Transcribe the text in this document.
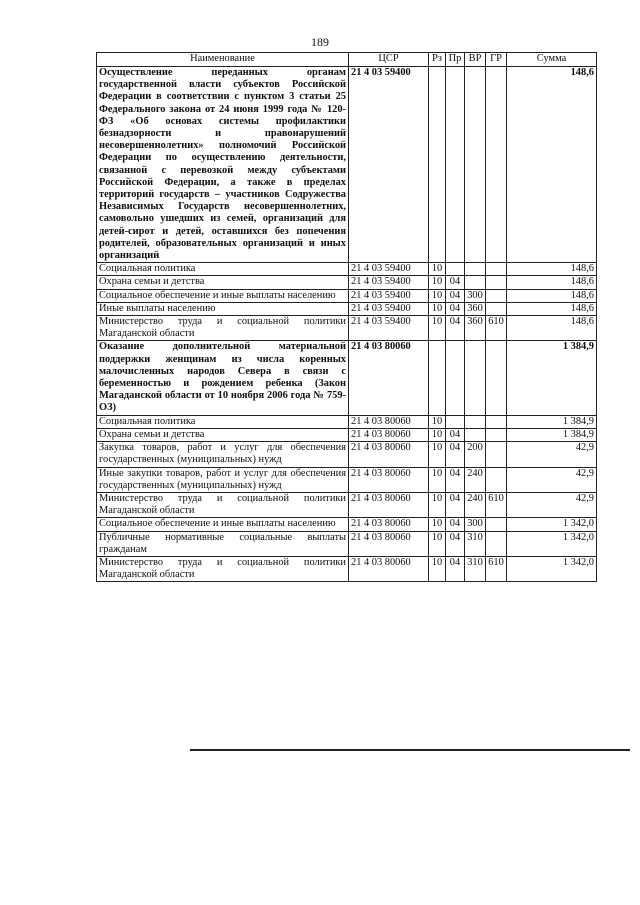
189
Наименование	ЦСР	Рз	Пр	ВР	ГР	Сумма
Осуществление переданных органам государственной власти субъектов Российской Федерации в соответствии с пунктом 3 статьи 25 Федерального закона от 24 июня 1999 года № 120-ФЗ «Об основах системы профилактики безнадзорности и правонарушений несовершеннолетних» полномочий Российской Федерации по осуществлению деятельности, связанной с перевозкой между субъектами Российской Федерации, а также в пределах территорий государств – участников Содружества Независимых Государств несовершеннолетних, самовольно ушедших из семей, организаций для детей-сирот и детей, оставшихся без попечения родителей, образовательных организаций и иных организаций	21 4 03 59400					148,6
Социальная политика	21 4 03 59400	10				148,6
Охрана семьи и детства	21 4 03 59400	10	04			148,6
Социальное обеспечение и иные выплаты населению	21 4 03 59400	10	04	300		148,6
Иные выплаты населению	21 4 03 59400	10	04	360		148,6
Министерство труда и социальной политики Магаданской области	21 4 03 59400	10	04	360	610	148,6
Оказание дополнительной материальной поддержки женщинам из числа коренных малочисленных народов Севера в связи с беременностью и рождением ребенка (Закон Магаданской области от 10 ноября 2006 года № 759-ОЗ)	21 4 03 80060					1 384,9
Социальная политика	21 4 03 80060	10				1 384,9
Охрана семьи и детства	21 4 03 80060	10	04			1 384,9
Закупка товаров, работ и услуг для обеспечения государственных (муниципальных) нужд	21 4 03 80060	10	04	200		42,9
Иные закупки товаров, работ и услуг для обеспечения государственных (муниципальных) нужд	21 4 03 80060	10	04	240		42,9
Министерство труда и социальной политики Магаданской области	21 4 03 80060	10	04	240	610	42,9
Социальное обеспечение и иные выплаты населению	21 4 03 80060	10	04	300		1 342,0
Публичные нормативные социальные выплаты гражданам	21 4 03 80060	10	04	310		1 342,0
Министерство труда и социальной политики Магаданской области	21 4 03 80060	10	04	310	610	1 342,0
